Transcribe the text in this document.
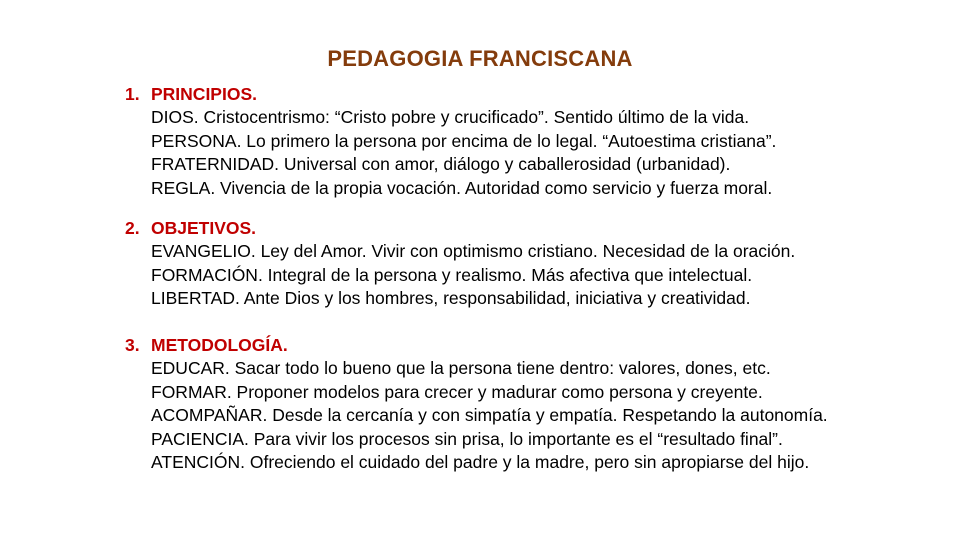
PEDAGOGIA FRANCISCANA
1. PRINCIPIOS.
DIOS. Cristocentrismo: “Cristo pobre y crucificado”. Sentido último de la vida.
PERSONA. Lo primero la persona por encima de lo legal. “Autoestima cristiana”.
FRATERNIDAD. Universal con amor, diálogo y caballerosidad (urbanidad).
REGLA. Vivencia de la propia vocación. Autoridad como servicio y fuerza moral.
2. OBJETIVOS.
EVANGELIO. Ley del Amor. Vivir con optimismo cristiano. Necesidad de la oración.
FORMACIÓN. Integral de la persona y realismo. Más afectiva que intelectual.
LIBERTAD. Ante Dios y los hombres, responsabilidad, iniciativa y creatividad.
3. METODOLOGÍA.
EDUCAR. Sacar todo lo bueno que la persona tiene dentro: valores, dones, etc.
FORMAR. Proponer modelos para crecer y madurar como persona y creyente.
ACOMPAÑAR. Desde la cercanía y con simpatía y empatía. Respetando la autonomía.
PACIENCIA. Para vivir los procesos sin prisa, lo importante es el “resultado final”.
ATENCIÓN. Ofreciendo el cuidado del padre y la madre, pero sin apropiarse del hijo.
